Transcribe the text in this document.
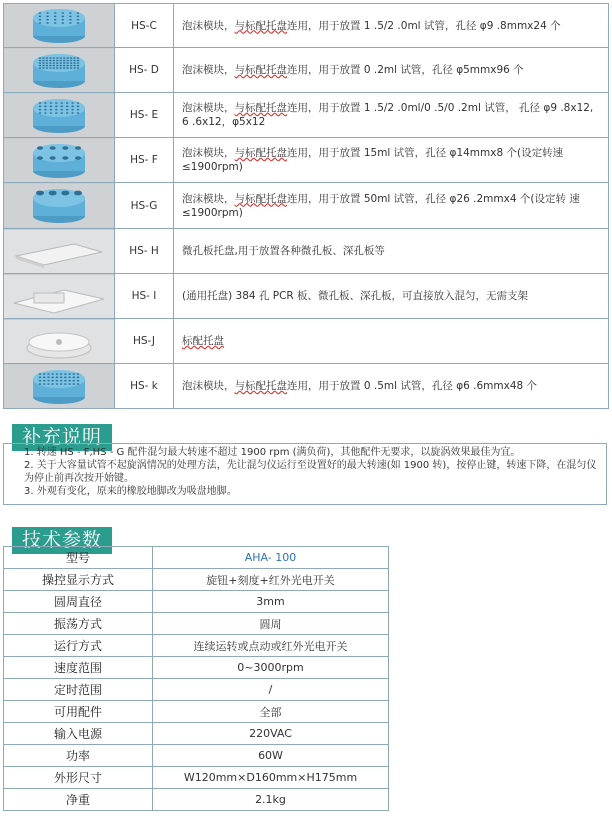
	HS-C	泡沫模块，与标配托盘连用，用于放置 1 .5/2 .0ml 试管，孔径 φ9 .8mmx24 个

	HS- D	泡沫模块，与标配托盘连用，用于放置 0 .2ml 试管，孔径 φ5mmx96 个

	HS- E	泡沫模块，与标配托盘连用，用于放置 1 .5/2 .0ml/0 .5/0 .2ml 试管， 孔径 φ9 .8x12, 6 .6x12，φ5x12

	HS- F	泡沫模块，与标配托盘连用，用于放置 15ml 试管，孔径 φ14mmx8 个(设定转速 ≤1900rpm)

	HS-G	泡沫模块，与标配托盘连用，用于放置 50ml 试管，孔径 φ26 .2mmx4 个(设定转 速 ≤1900rpm)

	HS- H	微孔板托盘,用于放置各种微孔板、深孔板等

	HS- I	(通用托盘) 384 孔 PCR 板、微孔板、深孔板，可直接放入混匀，无需支架

	HS-J	标配托盘

	HS- k	泡沫模块，与标配托盘连用，用于放置 0 .5ml 试管，孔径 φ6 .6mmx48 个
补充说明

1. 转速 HS - F,HS - G 配件混匀最大转速不超过 1900 rpm (满负荷)，其他配件无要求，以旋涡效果最佳为宜。

2. 关于大容量试管不起旋涡情况的处理方法，先让混匀仪运行至设置好的最大转速(如 1900 转)，按停止键，转速下降，在混匀仪为停止前再次按开始键。

3. 外观有变化，原来的橡胶地脚改为吸盘地脚。

技术参数
型号	AHA- 100
操控显示方式	旋钮+刻度+红外光电开关
圆周直径	3mm
振荡方式	圆周
运行方式	连续运转或点动或红外光电开关
速度范围	0~3000rpm
定时范围	/
可用配件	全部
输入电源	220VAC
功率	60W
外形尺寸	W120mm×D160mm×H175mm
净重	2.1kg
